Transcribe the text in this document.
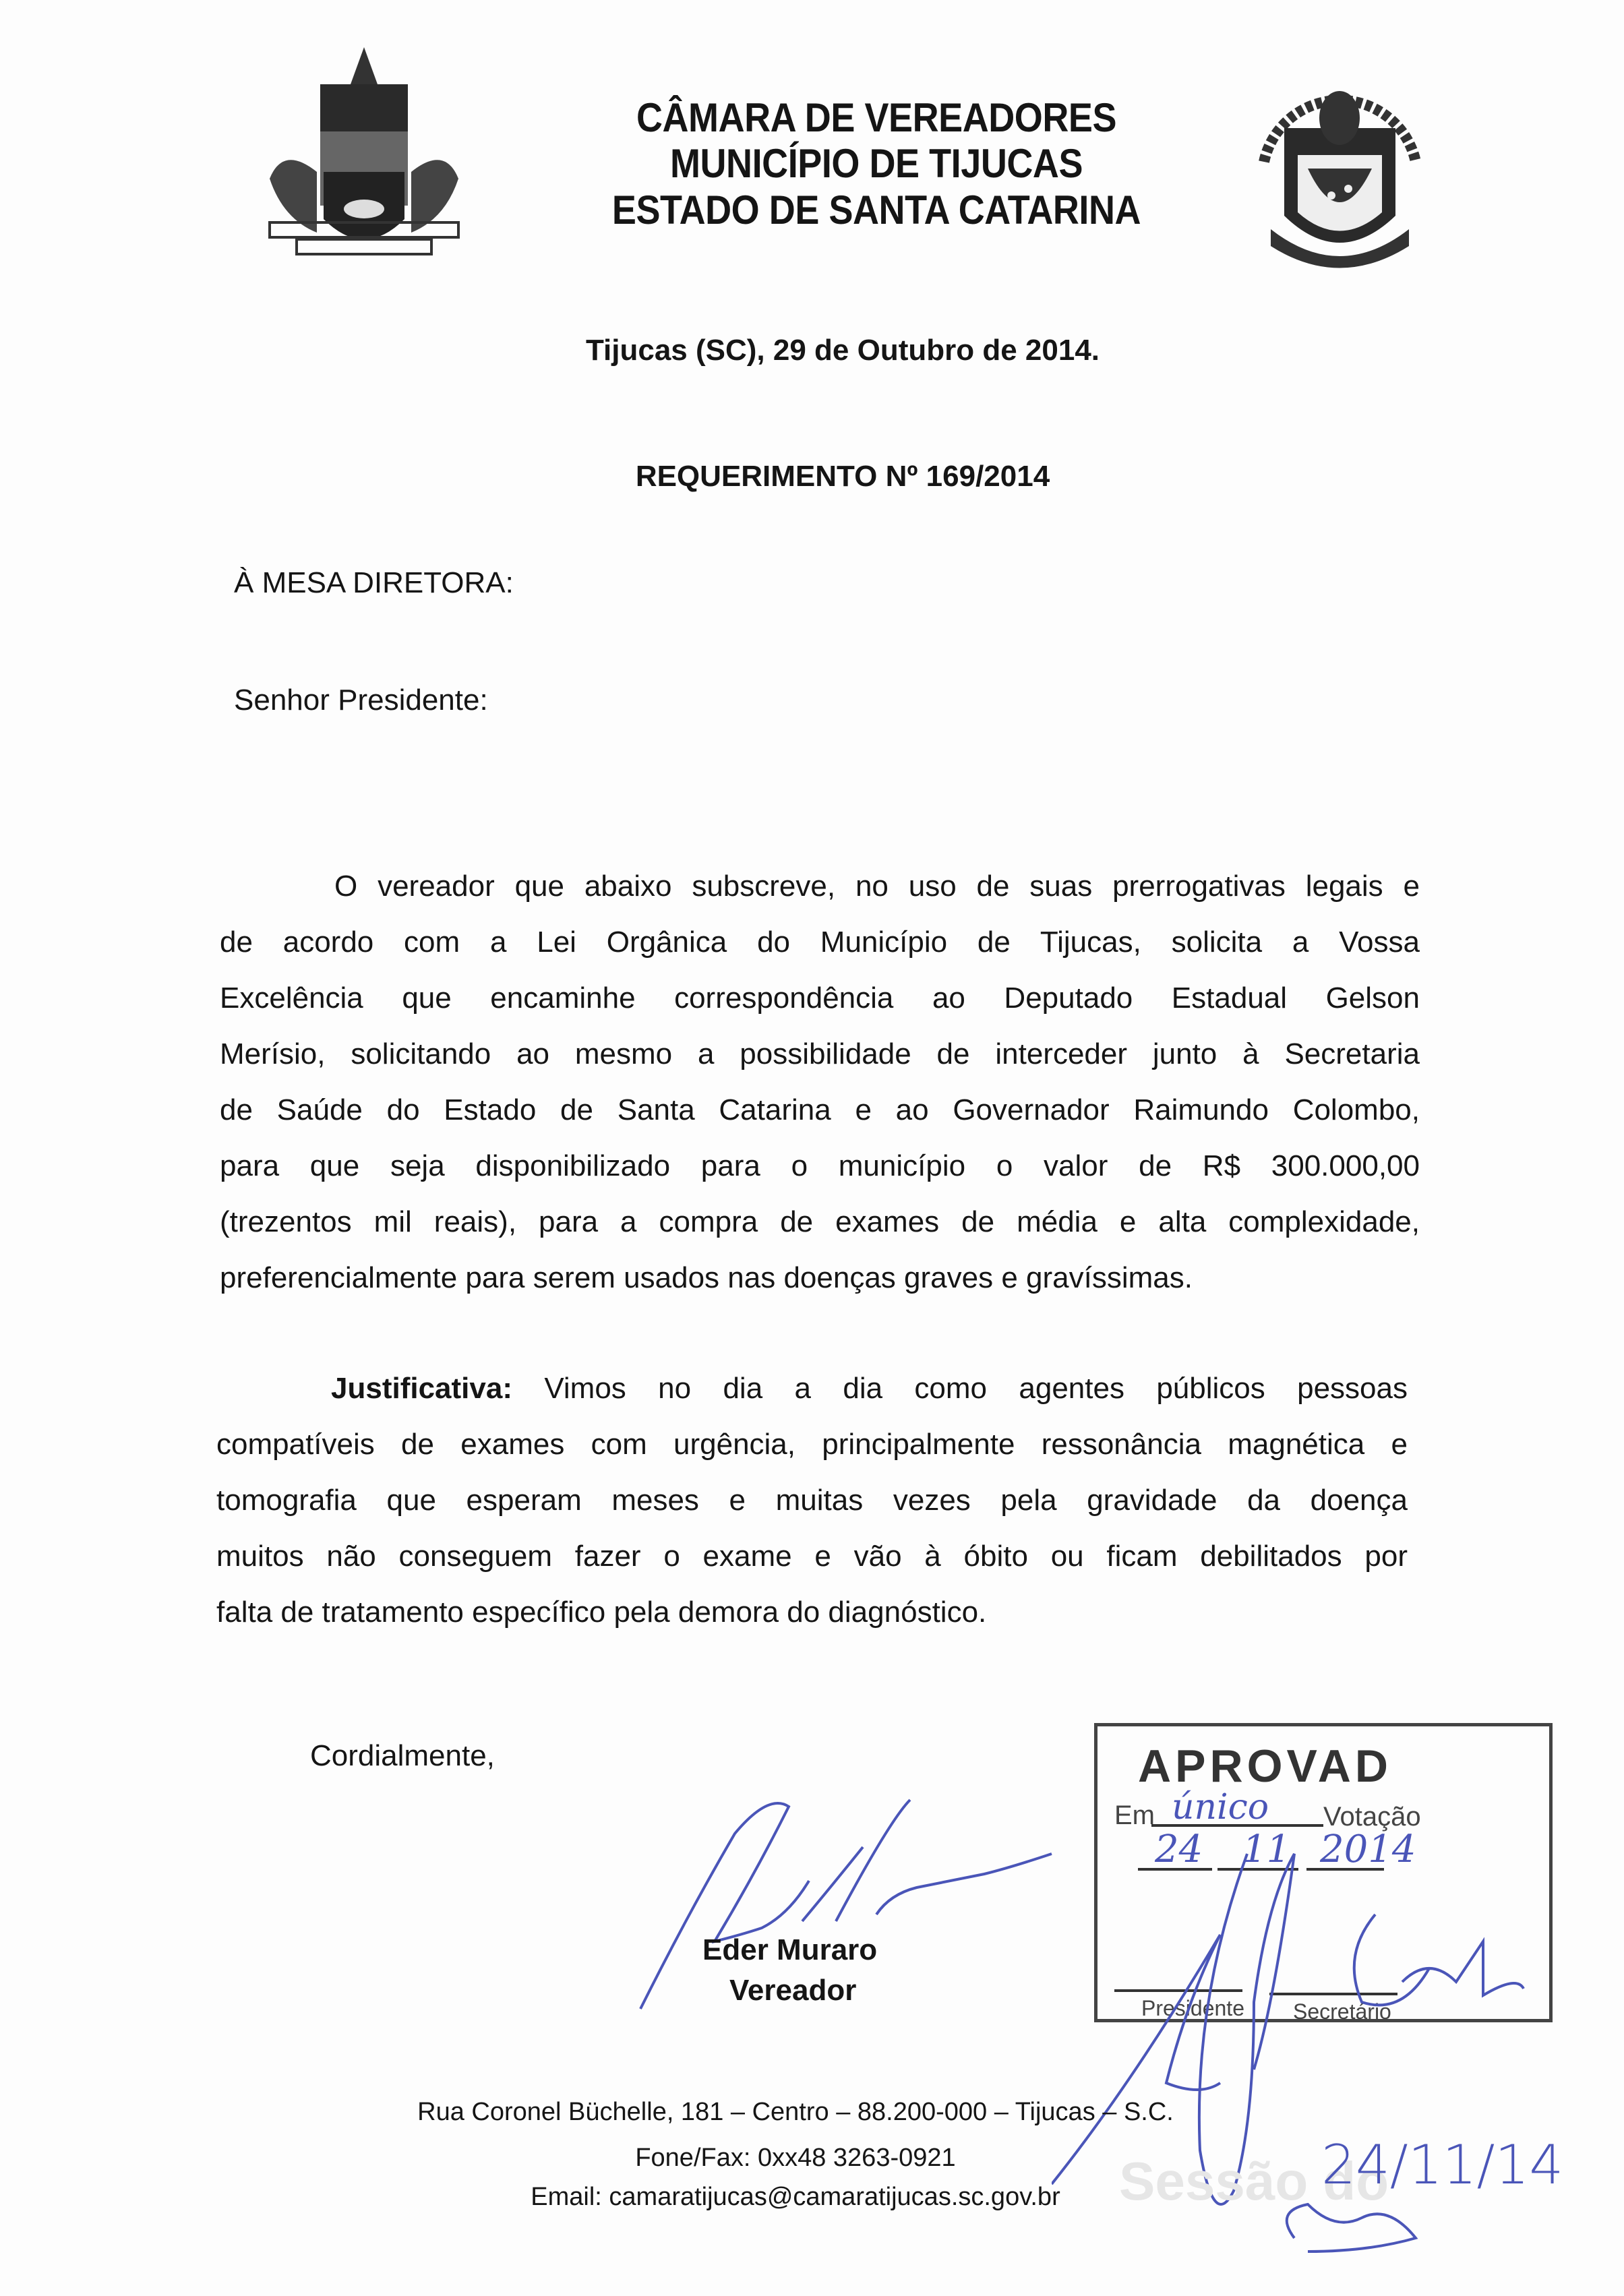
CÂMARA DE VEREADORES
MUNICÍPIO DE TIJUCAS
ESTADO DE SANTA CATARINA
Tijucas (SC), 29 de Outubro de 2014.
REQUERIMENTO Nº 169/2014
À MESA DIRETORA:
Senhor Presidente:
O vereador que abaixo subscreve, no uso de suas prerrogativas legais e
de acordo com a Lei Orgânica do Município de Tijucas, solicita a Vossa
Excelência que encaminhe correspondência ao Deputado Estadual Gelson
Merísio, solicitando ao mesmo a possibilidade de interceder junto à Secretaria
de Saúde do Estado de Santa Catarina e ao Governador Raimundo Colombo,
para que seja disponibilizado para o município o valor de R$ 300.000,00
(trezentos mil reais), para a compra de exames de média e alta complexidade,
preferencialmente para serem usados nas doenças graves e gravíssimas.
Justificativa: Vimos no dia a dia como agentes públicos pessoas
compatíveis de exames com urgência, principalmente ressonância magnética e
tomografia que esperam meses e muitas vezes pela gravidade da doença
muitos não conseguem fazer o exame e vão à óbito ou ficam debilitados por
falta de tratamento específico pela demora do diagnóstico.
Cordialmente,
Eder Muraro
Vereador
APROVAD
Em único Votação
24 11 2014
Presidente Secretário
Sessão do
24/11/14
Rua Coronel Büchelle, 181 – Centro – 88.200-000 – Tijucas – S.C.
Fone/Fax: 0xx48 3263-0921
Email: camaratijucas@camaratijucas.sc.gov.br
